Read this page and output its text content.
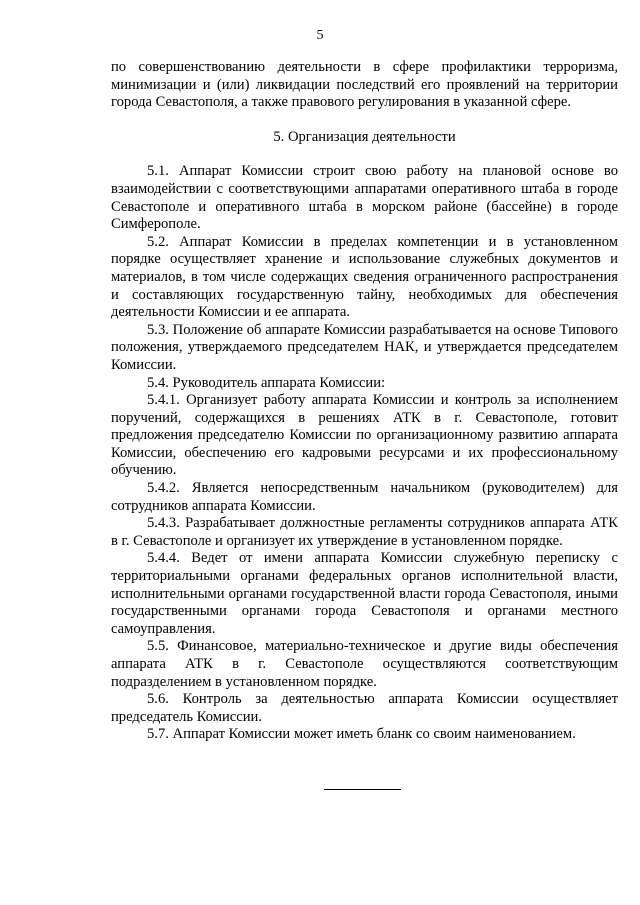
5

по совершенствованию деятельности в сфере профилактики терроризма, минимизации и (или) ликвидации последствий его проявлений на территории города Севастополя, а также правового регулирования в указанной сфере.

5. Организация деятельности

5.1. Аппарат Комиссии строит свою работу на плановой основе во взаимодействии с соответствующими аппаратами оперативного штаба в городе Севастополе и оперативного штаба в морском районе (бассейне) в городе Симферополе.

5.2. Аппарат Комиссии в пределах компетенции и в установленном порядке осуществляет хранение и использование служебных документов и материалов, в том числе содержащих сведения ограниченного распространения и составляющих государственную тайну, необходимых для обеспечения деятельности Комиссии и ее аппарата.

5.3. Положение об аппарате Комиссии разрабатывается на основе Типового положения, утверждаемого председателем НАК, и утверждается председателем Комиссии.

5.4. Руководитель аппарата Комиссии:

5.4.1. Организует работу аппарата Комиссии и контроль за исполнением поручений, содержащихся в решениях АТК в г. Севастополе, готовит предложения председателю Комиссии по организационному развитию аппарата Комиссии, обеспечению его кадровыми ресурсами и их профессиональному обучению.

5.4.2. Является непосредственным начальником (руководителем) для сотрудников аппарата Комиссии.

5.4.3. Разрабатывает должностные регламенты сотрудников аппарата АТК в г. Севастополе и организует их утверждение в установленном порядке.

5.4.4. Ведет от имени аппарата Комиссии служебную переписку с территориальными органами федеральных органов исполнительной власти, исполнительными органами государственной власти города Севастополя, иными государственными органами города Севастополя и органами местного самоуправления.

5.5. Финансовое, материально-техническое и другие виды обеспечения аппарата АТК в г. Севастополе осуществляются соответствующим подразделением в установленном порядке.

5.6. Контроль за деятельностью аппарата Комиссии осуществляет председатель Комиссии.

5.7. Аппарат Комиссии может иметь бланк со своим наименованием.
